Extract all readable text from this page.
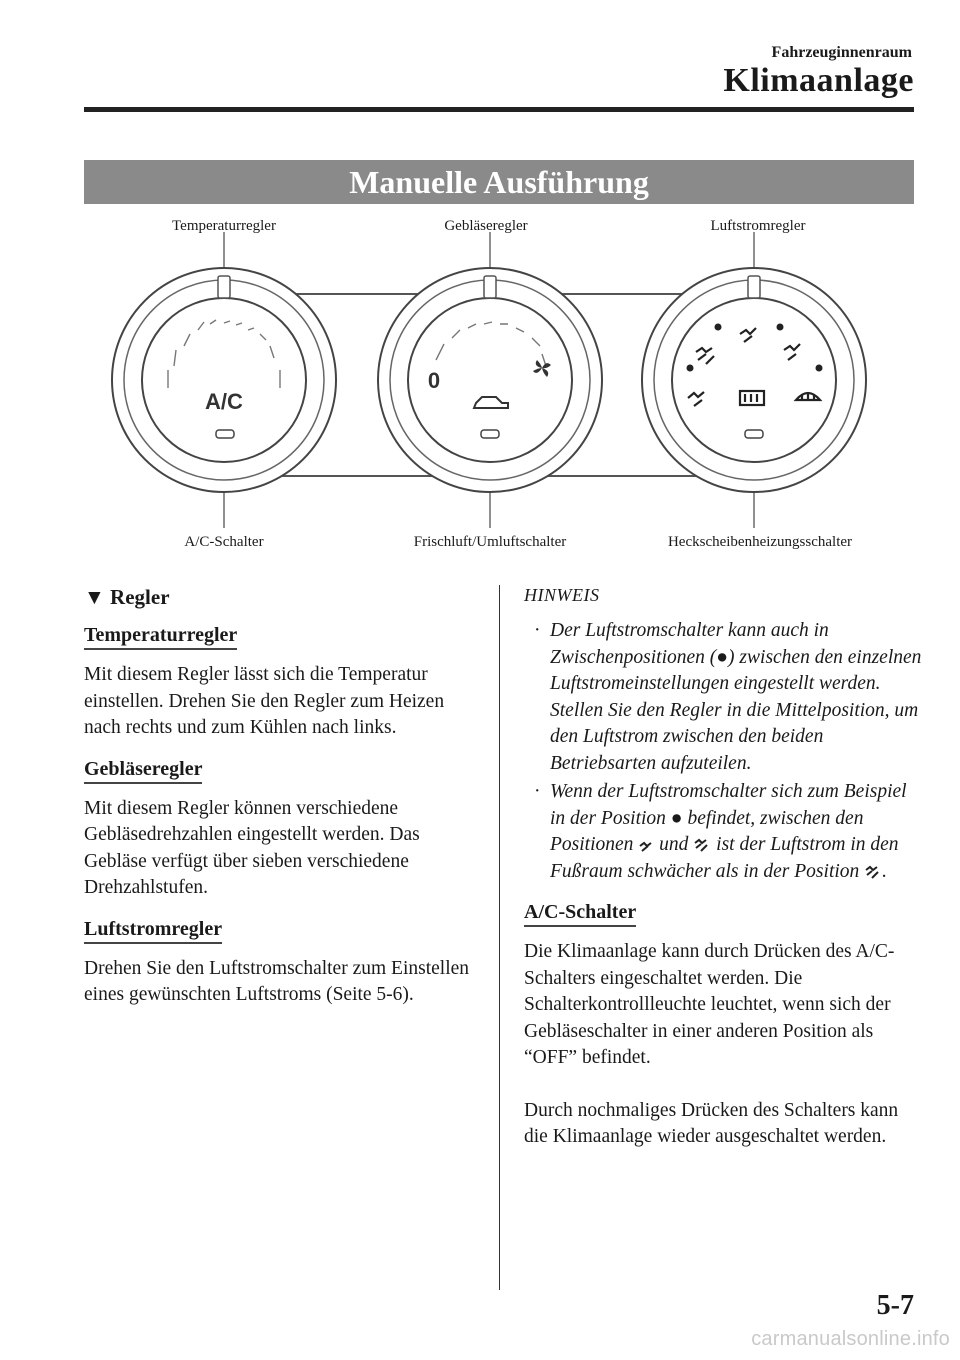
Fahrzeuginnenraum
Klimaanlage
Manuelle Ausführung
A/C
0
Temperaturregler	Gebläseregler	Luftstromregler
A/C-Schalter	Frischluft/Umluftschalter	Heckscheibenheizungsschalter
▼ Regler
Temperaturregler

Mit diesem Regler lässt sich die Temperatur einstellen. Drehen Sie den Regler zum Heizen nach rechts und zum Kühlen nach links.

Gebläseregler

Mit diesem Regler können verschiedene Gebläsedrehzahlen eingestellt werden. Das Gebläse verfügt über sieben verschiedene Drehzahlstufen.

Luftstromregler

Drehen Sie den Luftstromschalter zum Einstellen eines gewünschten Luftstroms (Seite 5-6).

HINWEIS
· Der Luftstromschalter kann auch in Zwischenpositionen (●) zwischen den einzelnen Luftstromeinstellungen eingestellt werden. Stellen Sie den Regler in die Mittelposition, um den Luftstrom zwischen den beiden Betriebsarten aufzuteilen.
· Wenn der Luftstromschalter sich zum Beispiel in der Position ● befindet, zwischen den Positionen und ist der Luftstrom in den Fußraum schwächer als in der Position .
A/C-Schalter

Die Klimaanlage kann durch Drücken des A/C-Schalters eingeschaltet werden. Die Schalterkontrollleuchte leuchtet, wenn sich der Gebläseschalter in einer anderen Position als “OFF” befindet.

Durch nochmaliges Drücken des Schalters kann die Klimaanlage wieder ausgeschaltet werden.

5-7
carmanualsonline.info
